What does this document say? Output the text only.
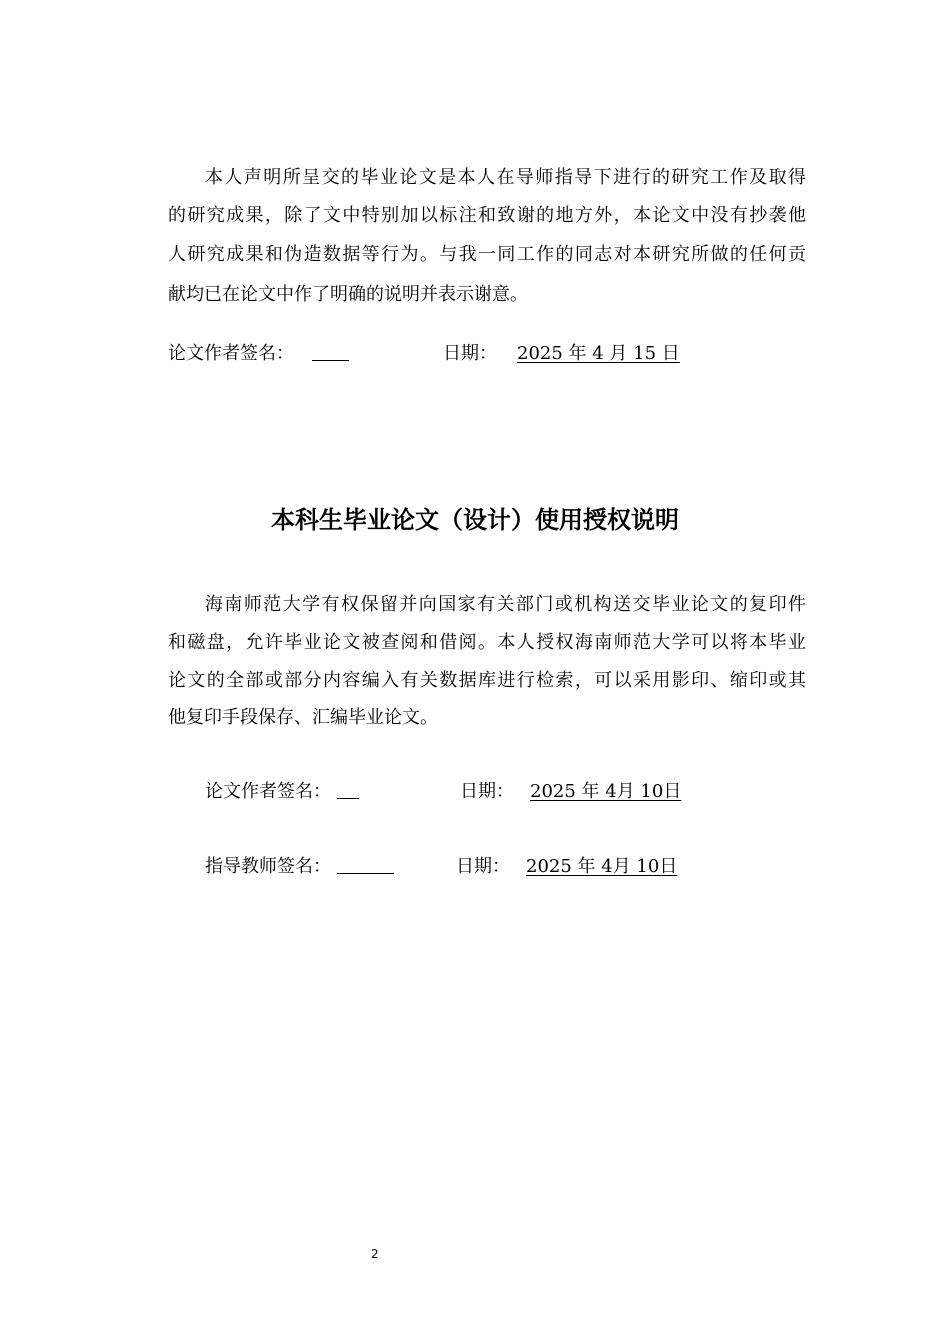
本人声明所呈交的毕业论文是本人在导师指导下进行的研究工作及取得
的研究成果，除了文中特别加以标注和致谢的地方外，本论文中没有抄袭他
人研究成果和伪造数据等行为。与我一同工作的同志对本研究所做的任何贡
献均已在论文中作了明确的说明并表示谢意。
论文作者签名：	日期： 2025 年 4 月 15 日
本科生毕业论文（设计）使用授权说明
海南师范大学有权保留并向国家有关部门或机构送交毕业论文的复印件
和磁盘，允许毕业论文被查阅和借阅。本人授权海南师范大学可以将本毕业
论文的全部或部分内容编入有关数据库进行检索，可以采用影印、缩印或其
他复印手段保存、汇编毕业论文。
论文作者签名：	日期： 2025 年 4月 10日
指导教师签名：	日期： 2025 年 4月 10日
2
